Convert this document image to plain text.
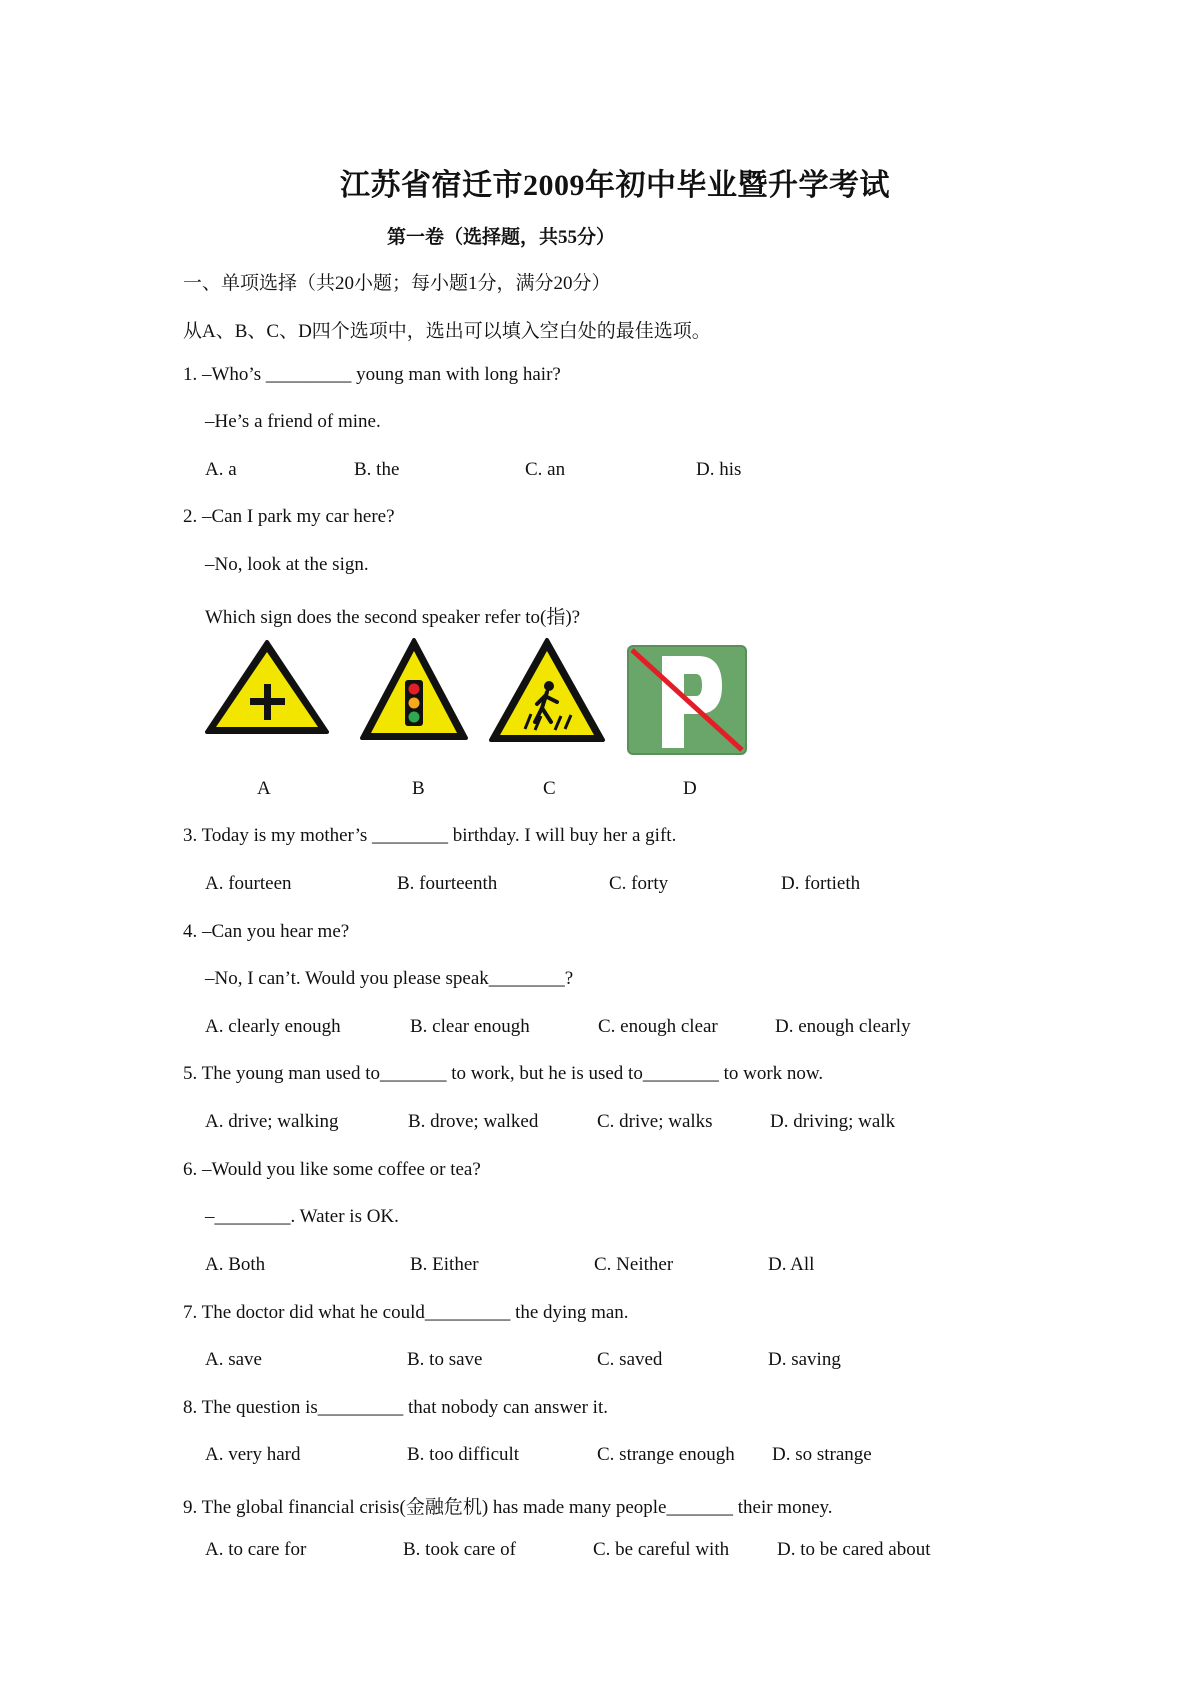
江苏省宿迁市2009年初中毕业暨升学考试
第一卷（选择题，共55分）
一、单项选择（共20小题；每小题1分，满分20分）
从A、B、C、D四个选项中，选出可以填入空白处的最佳选项。
1. –Who’s _________ young man with long hair?
–He’s a friend of mine.
A. a	B. the	C. an	D. his
2. –Can I park my car here?
–No, look at the sign.
Which sign does the second speaker refer to(指)?
A	B	C	D
3. Today is my mother’s ________ birthday. I will buy her a gift.
A. fourteen	B. fourteenth	C. forty	D. fortieth
4. –Can you hear me?
–No, I can’t. Would you please speak________?
A. clearly enough	B. clear enough	C. enough clear	D. enough clearly
5. The young man used to_______ to work, but he is used to________ to work now.
A. drive; walking	B. drove; walked	C. drive; walks	D. driving; walk
6. –Would you like some coffee or tea?
–________. Water is OK.
A. Both	B. Either	C. Neither	D. All
7. The doctor did what he could_________ the dying man.
A. save	B. to save	C. saved	D. saving
8. The question is_________ that nobody can answer it.
A. very hard	B. too difficult	C. strange enough D. so strange
9. The global financial crisis(金融危机) has made many people_______ their money.
A. to care for	B. took care of	C. be careful with	D. to be cared about
